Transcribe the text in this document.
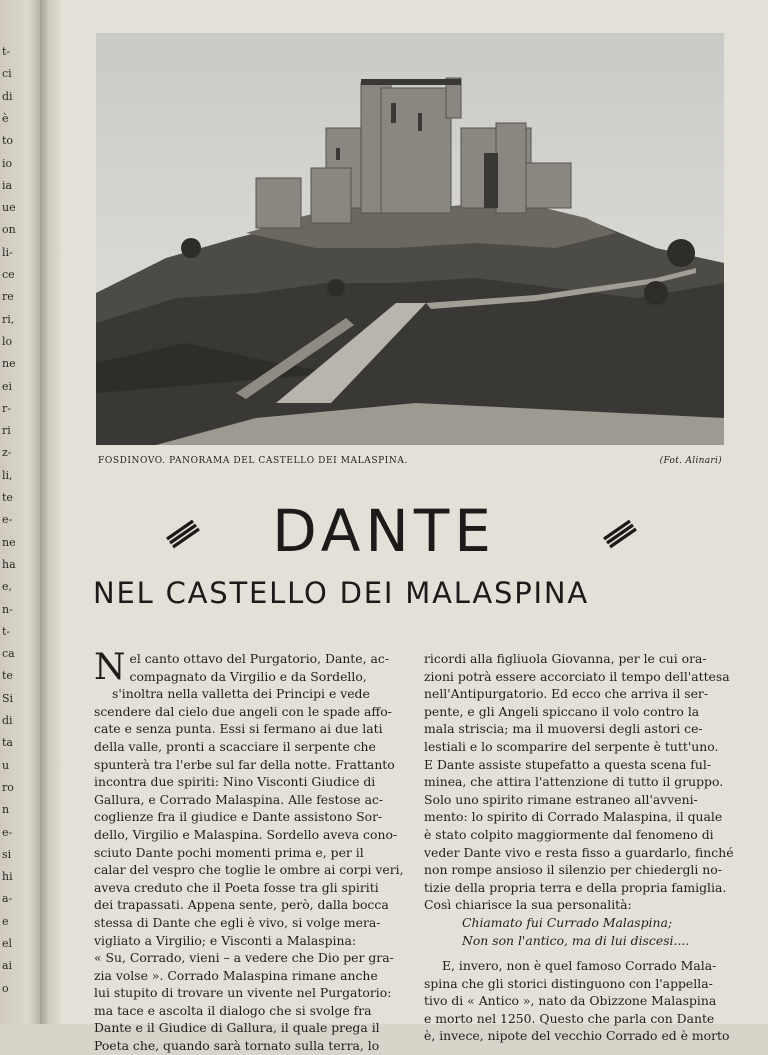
t-
ci
di
è
to
io
ia
ue
on
li-
ce
re
ri,
lo
ne
ei
r-
ri
z-
li,
te
e-
ne
ha
e,
n-
t-
ca
te
Si
di
ta
u
ro
n
e-
si
hi
a-
e
el
ai
o
FOSDINOVO. PANORAMA DEL CASTELLO DEI MALASPINA.	(Fot. Alinari)
DANTE
NEL CASTELLO DEI MALASPINA
N el canto ottavo del Purgatorio, Dante, ac-
compagnato da Virgilio e da Sordello,
s'inoltra nella valletta dei Principi e vede
scendere dal cielo due angeli con le spade affo-
cate e senza punta. Essi si fermano ai due lati
della valle, pronti a scacciare il serpente che
spunterà tra l'erbe sul far della notte. Frattanto
incontra due spiriti: Nino Visconti Giudice di
Gallura, e Corrado Malaspina. Alle festose ac-
coglienze fra il giudice e Dante assistono Sor-
dello, Virgilio e Malaspina. Sordello aveva cono-
sciuto Dante pochi momenti prima e, per il
calar del vespro che toglie le ombre ai corpi veri,
aveva creduto che il Poeta fosse tra gli spiriti
dei trapassati. Appena sente, però, dalla bocca
stessa di Dante che egli è vivo, si volge mera-
vigliato a Virgilio; e Visconti a Malaspina:
« Su, Corrado, vieni – a vedere che Dio per gra-
zia volse ». Corrado Malaspina rimane anche
lui stupito di trovare un vivente nel Purgatorio:
ma tace e ascolta il dialogo che si svolge fra
Dante e il Giudice di Gallura, il quale prega il
Poeta che, quando sarà tornato sulla terra, lo
ricordi alla figliuola Giovanna, per le cui ora-
zioni potrà essere accorciato il tempo dell'attesa
nell'Antipurgatorio. Ed ecco che arriva il ser-
pente, e gli Angeli spiccano il volo contro la
mala striscia; ma il muoversi degli astori ce-
lestiali e lo scomparire del serpente è tutt'uno.
E Dante assiste stupefatto a questa scena ful-
minea, che attira l'attenzione di tutto il gruppo.
Solo uno spirito rimane estraneo all'avveni-
mento: lo spirito di Corrado Malaspina, il quale
è stato colpito maggiormente dal fenomeno di
veder Dante vivo e resta fisso a guardarlo, finché
non rompe ansioso il silenzio per chiedergli no-
tizie della propria terra e della propria famiglia.
Così chiarisce la sua personalità:
Chiamato fui Currado Malaspina;
Non son l'antico, ma di lui discesi....
E, invero, non è quel famoso Corrado Mala-
spina che gli storici distinguono con l'appella-
tivo di « Antico », nato da Obizzone Malaspina
e morto nel 1250. Questo che parla con Dante
è, invece, nipote del vecchio Corrado ed è morto
